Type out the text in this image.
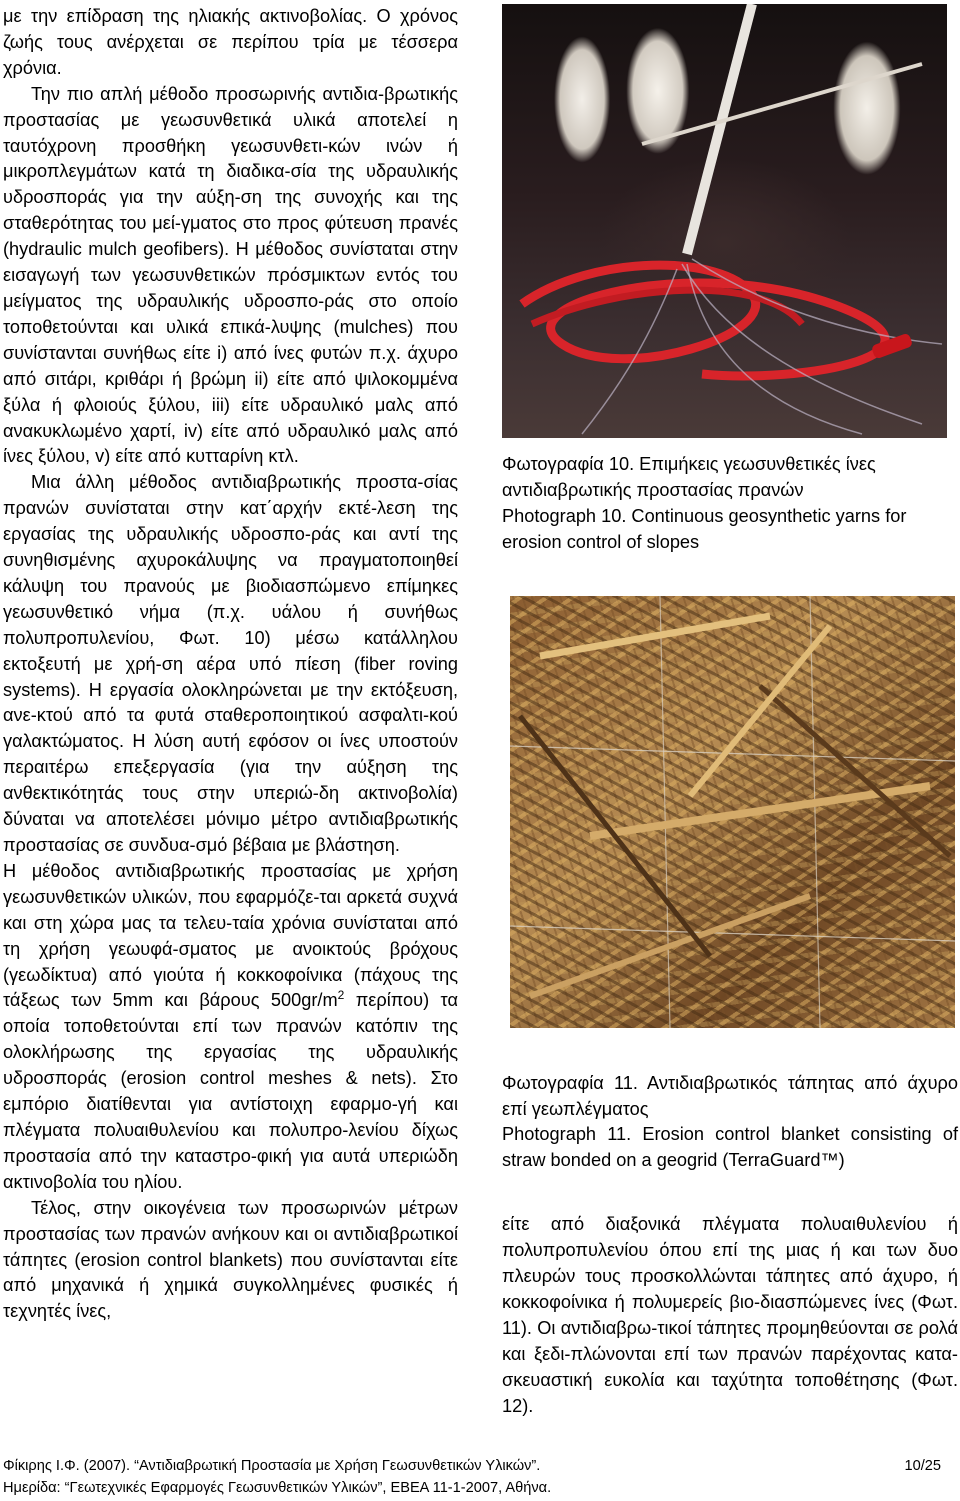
με την επίδραση της ηλιακής ακτινοβολίας. Ο χρόνος ζωής τους ανέρχεται σε περίπου τρία με τέσσερα χρόνια.

Την πιο απλή μέθοδο προσωρινής αντιδια-βρωτικής προστασίας με γεωσυνθετικά υλικά αποτελεί η ταυτόχρονη προσθήκη γεωσυνθετι-κών ινών ή μικροπλεγμάτων κατά τη διαδικα-σία της υδραυλικής υδροσποράς για την αύξη-ση της συνοχής και της σταθερότητας του μεί-γματος στο προς φύτευση πρανές (hydraulic mulch geofibers). Η μέθοδος συνίσταται στην εισαγωγή των γεωσυνθετικών πρόσμικτων εντός του μείγματος της υδραυλικής υδροσπο-ράς στο οποίο τοποθετούνται και υλικά επικά-λυψης (mulches) που συνίστανται συνήθως είτε i) από ίνες φυτών π.χ. άχυρο από σιτάρι, κριθάρι ή βρώμη ii) είτε από ψιλοκομμένα ξύλα ή φλοιούς ξύλου, iii) είτε υδραυλικό μαλς από ανακυκλωμένο χαρτί, iv) είτε από υδραυλικό μαλς από ίνες ξύλου, v) είτε από κυτταρίνη κτλ.

Μια άλλη μέθοδος αντιδιαβρωτικής προστα-σίας πρανών συνίσταται στην κατ΄αρχήν εκτέ-λεση της εργασίας της υδραυλικής υδροσπο-ράς και αντί της συνηθισμένης αχυροκάλυψης να πραγματοποιηθεί κάλυψη του πρανούς με βιοδιασπώμενο επίμηκες γεωσυνθετικό νήμα (π.χ. υάλου ή συνήθως πολυπροπυλενίου, Φωτ. 10) μέσω κατάλληλου εκτοξευτή με χρή-ση αέρα υπό πίεση (fiber roving systems). Η εργασία ολοκληρώνεται με την εκτόξευση, ανε-κτού από τα φυτά σταθεροποιητικού ασφαλτι-κού γαλακτώματος. Η λύση αυτή εφόσον οι ίνες υποστούν περαιτέρω επεξεργασία (για την αύξηση της ανθεκτικότητάς τους στην υπεριώ-δη ακτινοβολία) δύναται να αποτελέσει μόνιμο μέτρο αντιδιαβρωτικής προστασίας σε συνδυα-σμό βέβαια με βλάστηση.

Η μέθοδος αντιδιαβρωτικής προστασίας με χρήση γεωσυνθετικών υλικών, που εφαρμόζε-ται αρκετά συχνά και στη χώρα μας τα τελευ-ταία χρόνια συνίσταται από τη χρήση γεωυφά-σματος με ανοικτούς βρόχους (γεωδίκτυα) από γιούτα ή κοκκοφοίνικα (πάχους της τάξεως των 5mm και βάρους $500gr/m^2$ περίπου) τα οποία τοποθετούνται επί των πρανών κατόπιν της ολοκλήρωσης της εργασίας της υδραυλικής υδροσποράς (erosion control meshes & nets). Στο εμπόριο διατίθενται για αντίστοιχη εφαρμο-γή και πλέγματα πολυαιθυλενίου και πολυπρο-λενίου δίχως προστασία από την καταστρο-φική για αυτά υπεριώδη ακτινοβολία του ηλίου.

Τέλος, στην οικογένεια των προσωρινών μέτρων προστασίας των πρανών ανήκουν και οι αντιδιαβρωτικοί τάπητες (erosion control blankets) που συνίστανται είτε από μηχανικά ή χημικά συγκολλημένες φυσικές ή τεχνητές ίνες,

Φωτογραφία 10. Επιμήκεις γεωσυνθετικές ίνες αντιδιαβρωτικής προστασίας πρανών
Photograph 10. Continuous geosynthetic yarns for erosion control of slopes
Φωτογραφία 11. Αντιδιαβρωτικός τάπητας από άχυρο επί γεωπλέγματος
Photograph 11. Erosion control blanket consisting of straw bonded on a geogrid (TerraGuard™)
είτε από διαξονικά πλέγματα πολυαιθυλενίου ή πολυπροπυλενίου όπου επί της μιας ή και των δυο πλευρών τους προσκολλώνται τάπητες από άχυρο, ή κοκκοφοίνικα ή πολυμερείς βιο-διασπώμενες ίνες (Φωτ. 11). Οι αντιδιαβρω-τικοί τάπητες προμηθεύονται σε ρολά και ξεδι-πλώνονται επί των πρανών παρέχοντας κατα-σκευαστική ευκολία και ταχύτητα τοποθέτησης (Φωτ. 12).
Φίκιρης Ι.Φ. (2007). “Αντιδιαβρωτική Προστασία με Χρήση Γεωσυνθετικών Υλικών”.	10/25
Ημερίδα: “Γεωτεχνικές Εφαρμογές Γεωσυνθετικών Υλικών”, ΕΒΕΑ 11-1-2007, Αθήνα.
